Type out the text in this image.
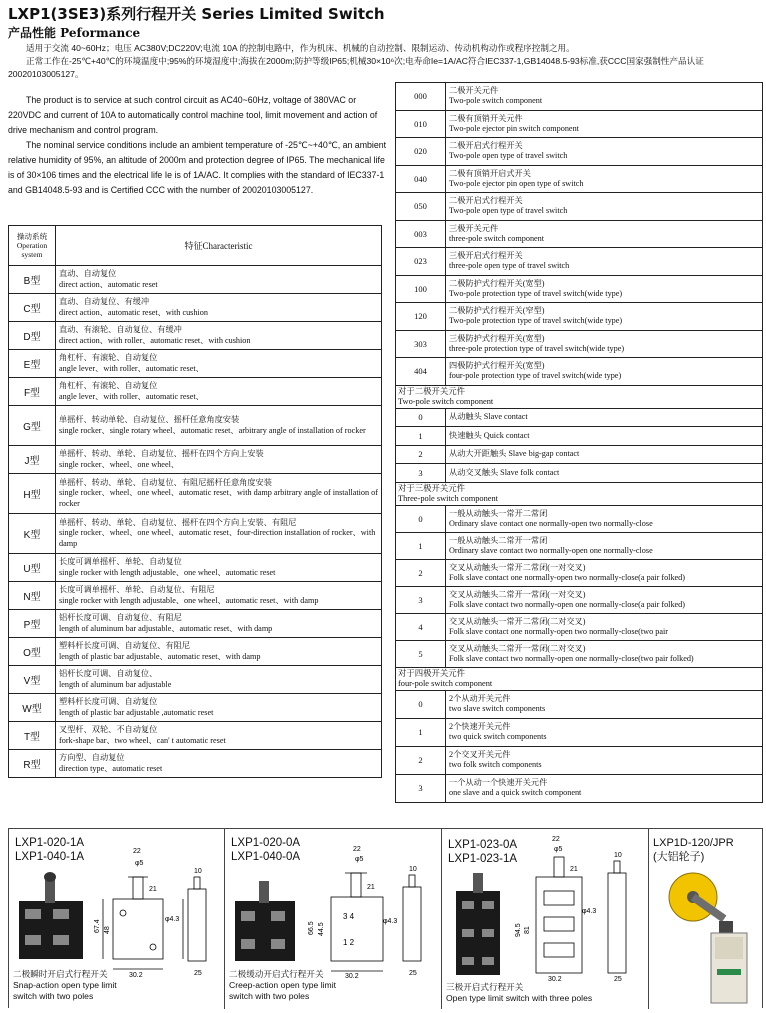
LXP1(3SE3)系列行程开关 Series Limited Switch
产品性能 Peformance

适用于交流 40~60Hz；电压 AC380V;DC220V;电流 10A 的控制电路中，作为机床、机械的自动控制、限制运动、传动机构动作或程序控制之用。

正常工作在-25℃+40℃的环境温度中;95%的环境湿度中;海拔在2000m;防护等级IP65;机械30×10⁶次;电寿命Ie=1A/AC符合IEC337-1,GB14048.5-93标准,获CCC国家强制性产品认证20020103005127。

The product is to service at such control circuit as AC40~60Hz, voltage of 380VAC or 220VDC and current of 10A to automatically control machine tool, limit movement and action of drive mechanism and control program.

The nominal service conditions include an ambient temperature of -25℃~+40℃, an ambient relative humidity of 95%, an altitude of 2000m and protection degree of IP65. The mechanical life is of 30×106 times and the electrical life Ie is of 1A/AC. It complies with the standard of IEC337-1 and GB14048.5-93 and is Certified CCC with the number of 20020103005127.

操动系统
Operation system	特征Characteristic
B型	直动、自动复位
direct action、automatic reset

C型	直动、自动复位、有缓冲
direct action、automatic reset、with cushion

D型	直动、有滚轮、自动复位、有缓冲
direct action、with roller、automatic reset、with cushion

E型	角杠杆、有滚轮、自动复位
angle lever、with roller、automatic reset、

F型	角杠杆、有滚轮、自动复位
angle lever、with roller、automatic reset、

G型	单摇杆、转动单轮、自动复位、摇杆任意角度安装
single rocker、single rotary wheel、automatic reset、arbitrary angle of installation of rocker

J型	单摇杆、转动、单轮、自动复位、摇杆在四个方向上安装
single rocker、wheel、one wheel、

H型	单摇杆、转动、单轮、自动复位、有阻尼摇杆任意角度安装
single rocker、wheel、one wheel、automatic reset、with damp arbitrary angle of installation of rocker

K型	单摇杆、转动、单轮、自动复位、摇杆在四个方向上安装、有阻尼
single rocker、wheel、one wheel、automatic reset、four-direction installation of rocker、with damp

U型	长度可调单摇杆、单轮、自动复位
single rocker with length adjustable、one wheel、automatic reset

N型	长度可调单摇杆、单轮、自动复位、有阻尼
single rocker with length adjustable、one wheel、automatic reset、with damp

P型	铝杆长度可调、自动复位、有阻尼
length of aluminum bar adjustable、automatic reset、with damp

O型	塑料杆长度可调、自动复位、有阻尼
length of plastic bar adjustable、automatic reset、with damp

V型	铝杆长度可调、自动复位、
length of aluminum bar adjustable

W型	塑料杆长度可调、自动复位
length of plastic bar adjustable ,automatic reset

T型	叉型杆、双轮、不自动复位
fork-shape bar、two wheel、can' t automatic reset

R型	方向型、自动复位
direction type、automatic reset
000	二极开关元件
Two-pole switch component

010	二极有顶销开关元件
Two-pole ejector pin switch component

020	二极开启式行程开关
Two-pole open type of travel switch

040	二极有顶销开启式开关
Two-pole ejector pin open type of switch

050	二极开启式行程开关
Two-pole open type of travel switch

003	三极开关元件
three-pole switch component

023	三极开启式行程开关
three-pole open type of travel switch

100	二极防护式行程开关(宽型)
Two-pole protection type of travel switch(wide type)

120	二极防护式行程开关(窄型)
Two-pole protection type of travel switch(wide type)

303	三极防护式行程开关(宽型)
three-pole protection type of travel switch(wide type)

404	四极防护式行程开关(宽型)
four-pole protection type of travel switch(wide type)

对于二极开关元件
Two-pole switch component	

0	从动触头 Slave contact

1	快速触头 Quick contact

2	从动大开距触头 Slave big-gap contact

3	从动交叉触头 Slave folk contact

对于三极开关元件
Three-pole switch component	

0	一般从动触头一常开二常闭
Ordinary slave contact one normally-open two normally-close

1	一般从动触头二常开一常闭
Ordinary slave contact two normally-open one normally-close

2	交叉从动触头一常开二常闭(一对交叉)
Folk slave contact one normally-open two normally-close(a pair folked)

3	交叉从动触头二常开一常闭(一对交叉)
Folk slave contact two normally-open one normally-close(a pair folked)

4	交叉从动触头一常开二常闭(二对交叉)
Folk slave contact one normally-open two normally-close(two pair

5	交叉从动触头二常开一常闭(二对交叉)
Folk slave contact two normally-open one normally-close(two pair folked)

对于四极开关元件
four-pole switch component	

0	2个从动开关元件
two slave switch components

1	2个快速开关元件
two quick switch components

2	2个交叉开关元件
two folk switch components

3	一个从动一个快速开关元件
one slave and a quick switch component
LXP1-020-1A
LXP1-040-1A	22
φ5
21
φ4.3
67.4 48
30.2	25
10
二极瞬时开启式行程开关
Snap-action open type limit
switch with two poles
LXP1-020-0A
LXP1-040-0A
22
φ5
21
3 4
1 2
φ4.3
66.5 44.5
30.2	25
10
二极缓动开启式行程开关
Creep-action open type limit
switch with two poles
LXP1-023-0A
LXP1-023-1A
22
φ5
21
φ4.3
94.5 81
30.2	25
10
三极开启式行程开关
Open type limit switch with three poles
LXP1D-120/JPR
(大铝轮子)
